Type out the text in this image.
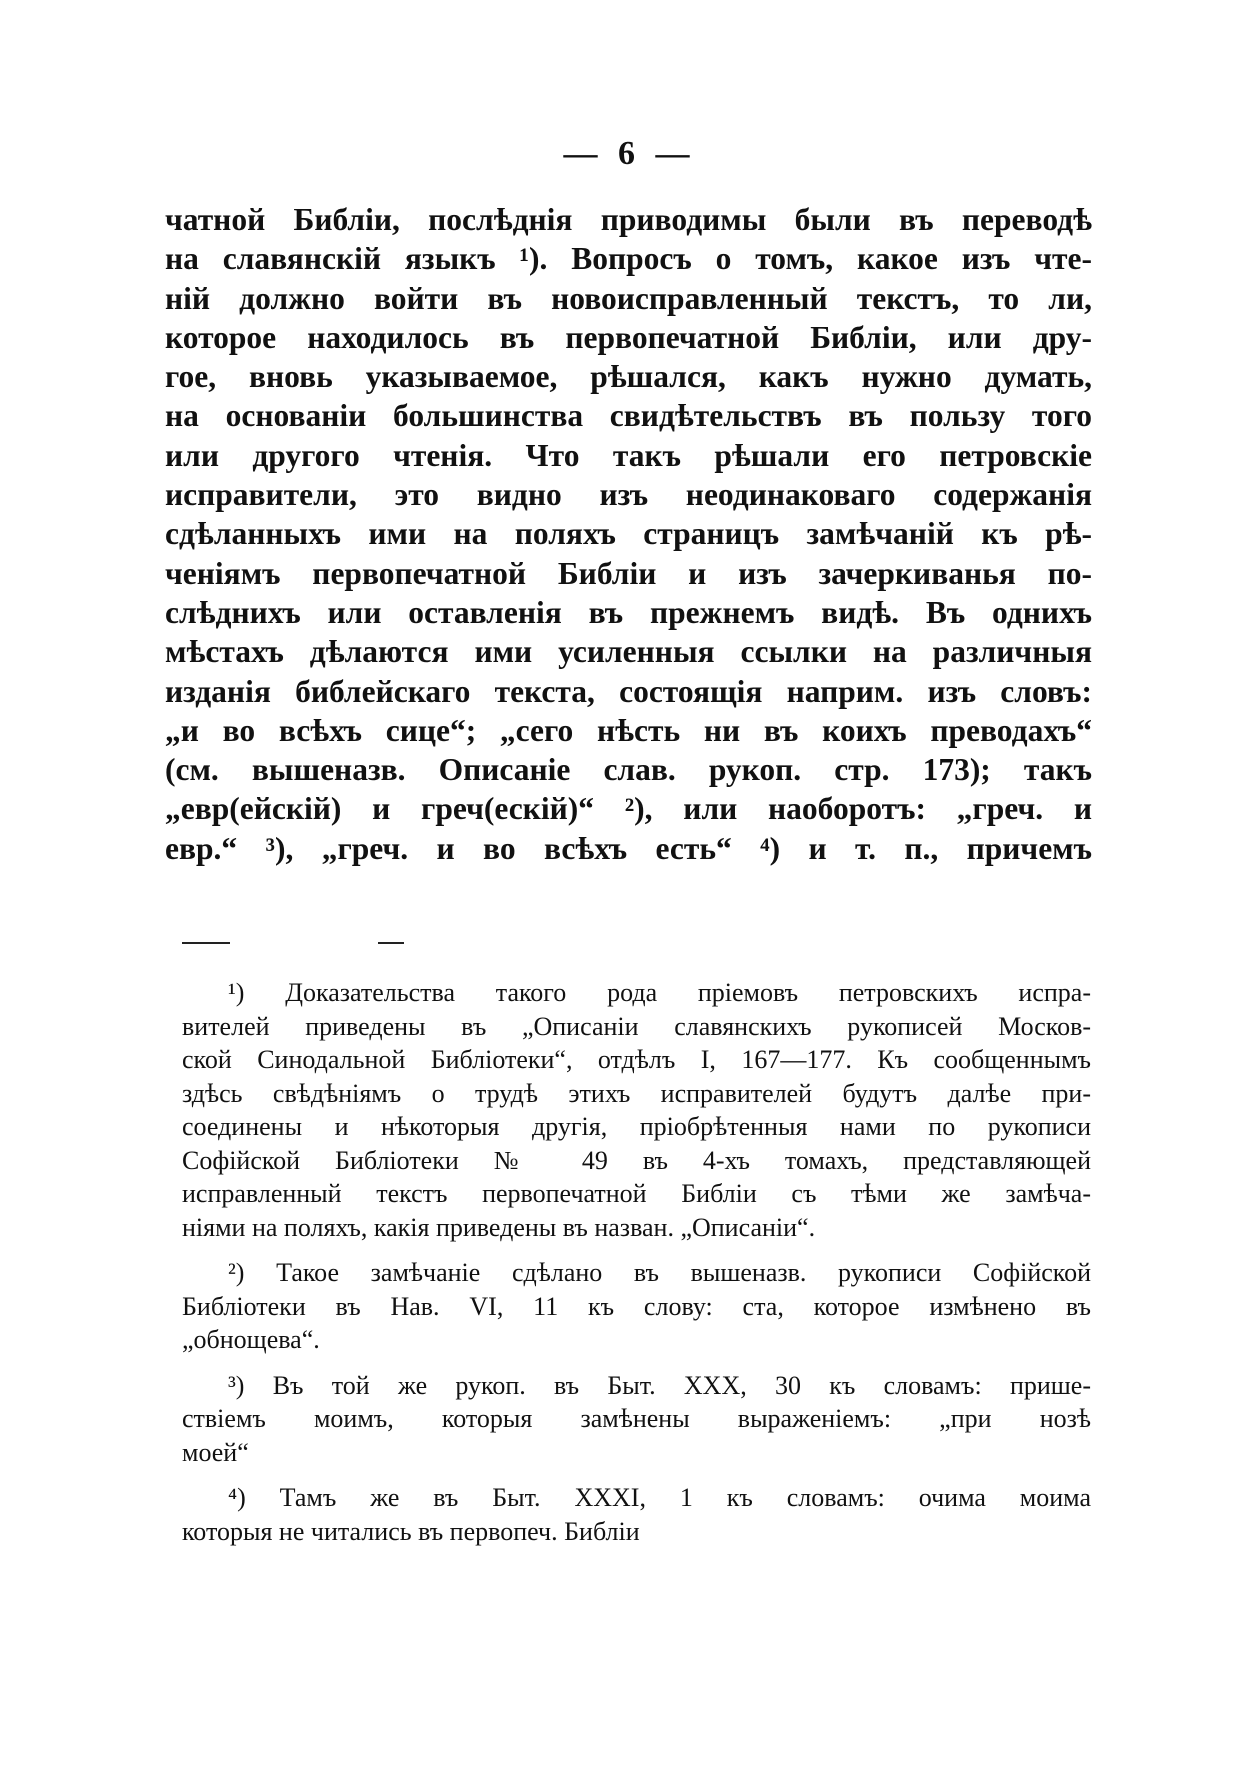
— 6 —
чатной Библіи, послѣднія приводимы были въ переводѣ
на славянскій языкъ ¹). Вопросъ о томъ, какое изъ чте-
ній должно войти въ новоисправленный текстъ, то ли,
которое находилось въ первопечатной Библіи, или дру-
гое, вновь указываемое, рѣшался, какъ нужно думать,
на основаніи большинства свидѣтельствъ въ пользу того
или другого чтенія. Что такъ рѣшали его петровскіе
исправители, это видно изъ неодинаковаго содержанія
сдѣланныхъ ими на поляхъ страницъ замѣчаній къ рѣ-
ченіямъ первопечатной Библіи и изъ зачеркиванья по-
слѣднихъ или оставленія въ прежнемъ видѣ. Въ однихъ
мѣстахъ дѣлаются ими усиленныя ссылки на различныя
изданія библейскаго текста, состоящія наприм. изъ словъ:
„и во всѣхъ сице“; „сего нѣсть ни въ коихъ преводахъ“
(см. вышеназв. Описаніе слав. рукоп. стр. 173); такъ
„евр(ейскій) и греч(ескій)“ ²), или наоборотъ: „греч. и
евр.“ ³), „греч. и во всѣхъ есть“ ⁴) и т. п., причемъ
¹) Доказательства такого рода пріемовъ петровскихъ испра-
вителей приведены въ „Описаніи славянскихъ рукописей Москов-
ской Синодальной Библіотеки“, отдѣлъ I, 167—177. Къ сообщеннымъ
здѣсь свѣдѣніямъ о трудѣ этихъ исправителей будутъ далѣе при-
соединены и нѣкоторыя другія, пріобрѣтенныя нами по рукописи
Софійской Библіотеки № 49 въ 4-хъ томахъ, представляющей
исправленный текстъ первопечатной Библіи съ тѣми же замѣча-
ніями на поляхъ, какія приведены въ назван. „Описаніи“.
²) Такое замѣчаніе сдѣлано въ вышеназв. рукописи Софійской
Библіотеки въ Нав. VI, 11 къ слову: ста, которое измѣнено въ
„обнощева“.
³) Въ той же рукоп. въ Быт. XXX, 30 къ словамъ: прише-
ствіемъ моимъ, которыя замѣнены выраженіемъ: „при нозѣ
моей“
⁴) Тамъ же въ Быт. XXXI, 1 къ словамъ: очима моима
которыя не читались въ первопеч. Библіи
